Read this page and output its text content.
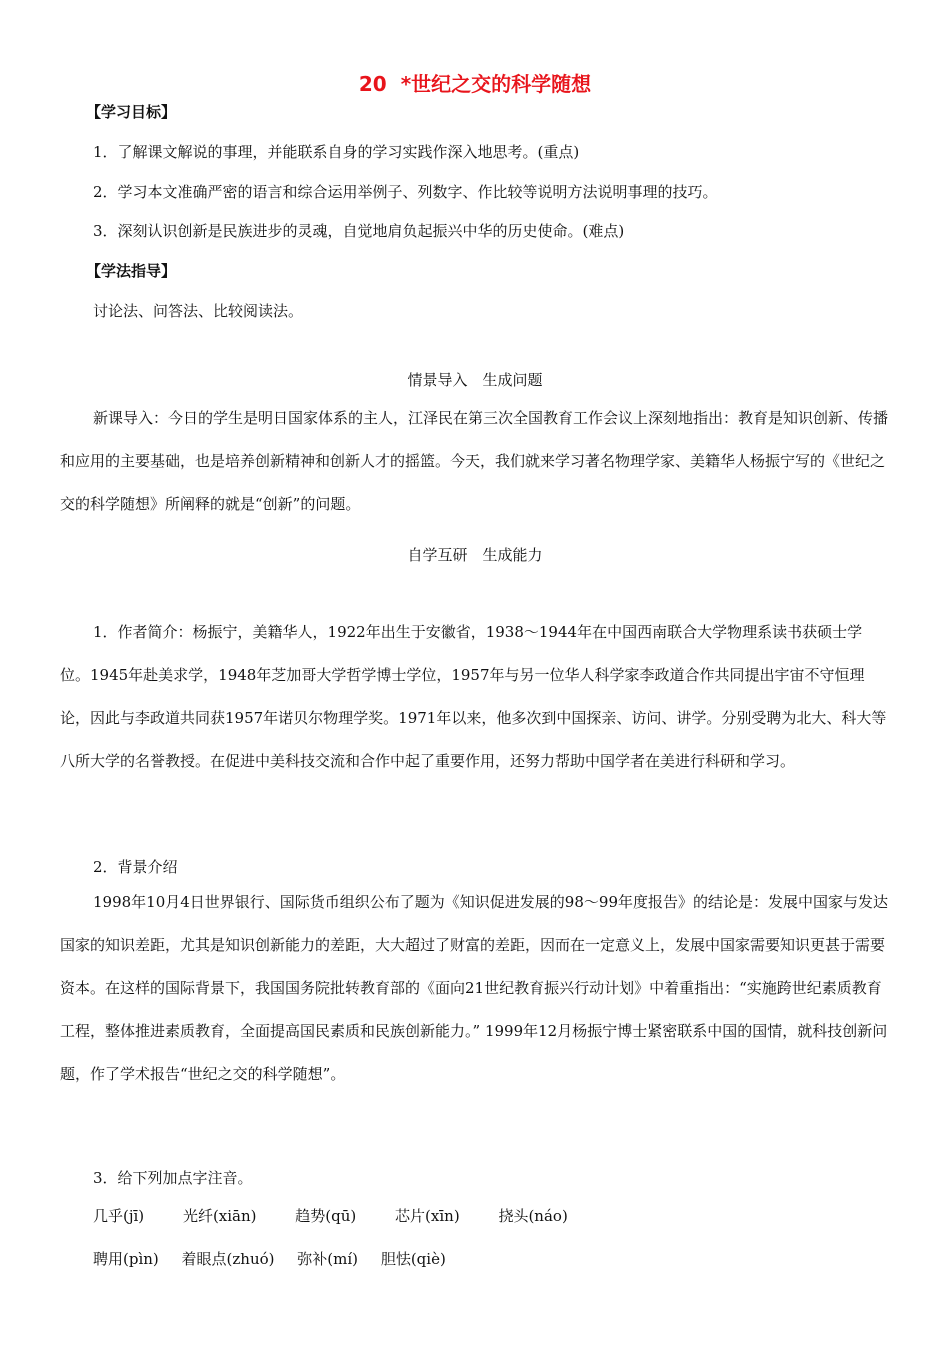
20 *世纪之交的科学随想
【学习目标】
1．了解课文解说的事理，并能联系自身的学习实践作深入地思考。(重点)
2．学习本文准确严密的语言和综合运用举例子、列数字、作比较等说明方法说明事理的技巧。
3．深刻认识创新是民族进步的灵魂，自觉地肩负起振兴中华的历史使命。(难点)
【学法指导】
讨论法、问答法、比较阅读法。
情景导入　生成问题

新课导入：今日的学生是明日国家体系的主人，江泽民在第三次全国教育工作会议上深刻地指出：教育是知识创新、传播和应用的主要基础，也是培养创新精神和创新人才的摇篮。今天，我们就来学习著名物理学家、美籍华人杨振宁写的《世纪之交的科学随想》所阐释的就是“创新”的问题。

自学互研　生成能力

1．作者简介：杨振宁，美籍华人，1922年出生于安徽省，1938～1944年在中国西南联合大学物理系读书获硕士学位。1945年赴美求学，1948年芝加哥大学哲学博士学位，1957年与另一位华人科学家李政道合作共同提出宇宙不守恒理论，因此与李政道共同获1957年诺贝尔物理学奖。1971年以来，他多次到中国探亲、访问、讲学。分别受聘为北大、科大等八所大学的名誉教授。在促进中美科技交流和合作中起了重要作用，还努力帮助中国学者在美进行科研和学习。

2．背景介绍

1998年10月4日世界银行、国际货币组织公布了题为《知识促进发展的98～99年度报告》的结论是：发展中国家与发达国家的知识差距，尤其是知识创新能力的差距，大大超过了财富的差距，因而在一定意义上，发展中国家需要知识更甚于需要资本。在这样的国际背景下，我国国务院批转教育部的《面向21世纪教育振兴行动计划》中着重指出：“实施跨世纪素质教育工程，整体推进素质教育，全面提高国民素质和民族创新能力。” 1999年12月杨振宁博士紧密联系中国的国情，就科技创新问题，作了学术报告“世纪之交的科学随想”。

3．给下列加点字注音。
几乎(jī)	光纤(xiān)	趋势(qū)	芯片(xīn)	挠头(náo)
聘用(pìn) 着眼点(zhuó) 弥补(mí) 胆怯(qiè)
